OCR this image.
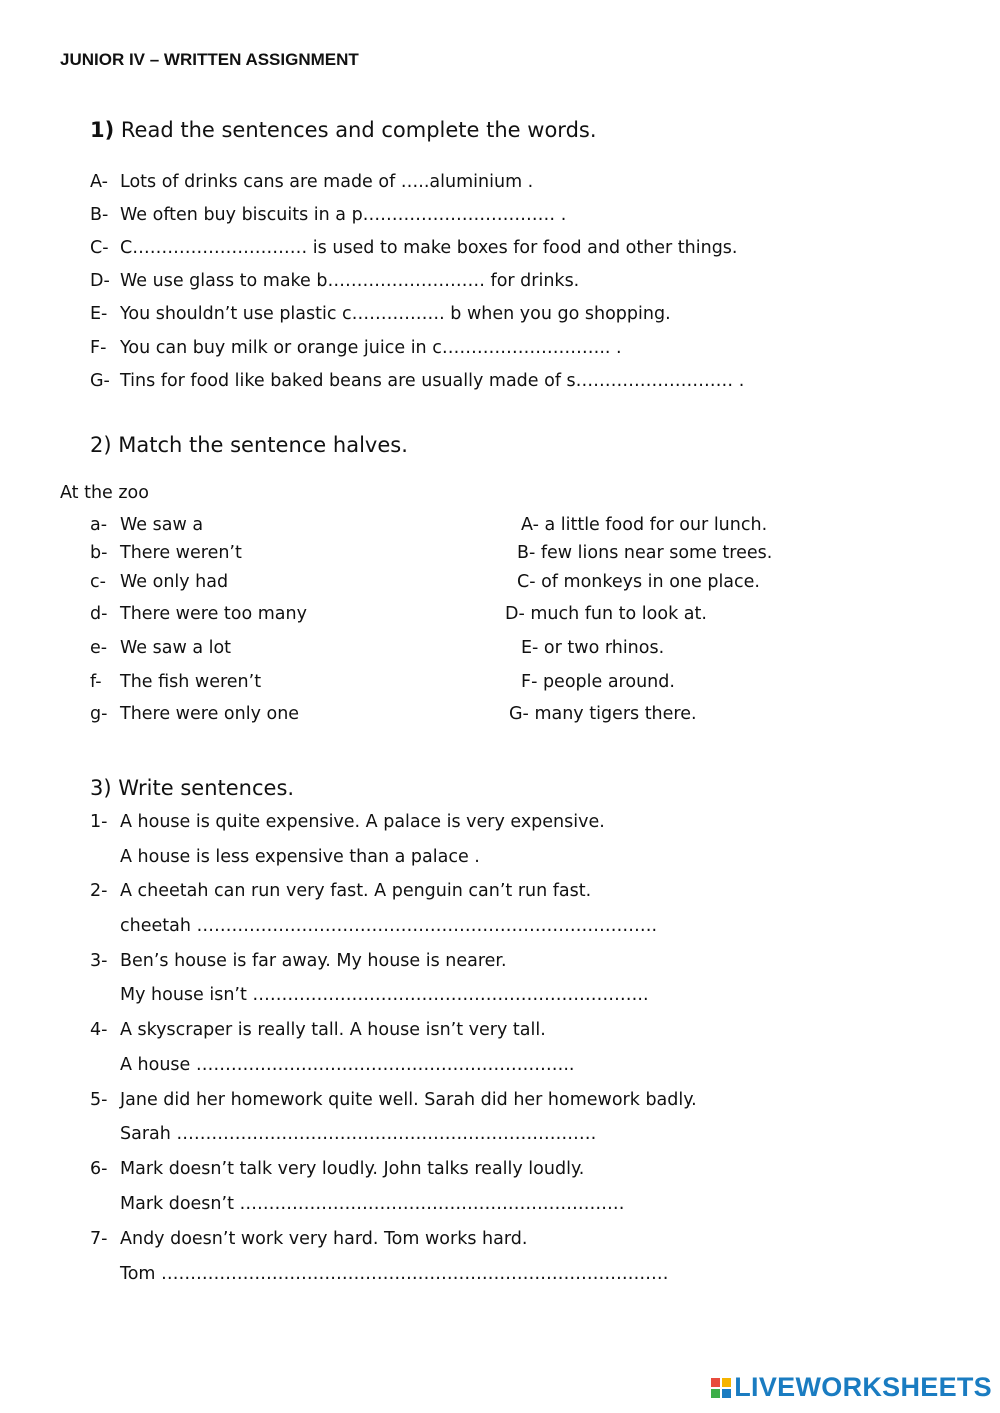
JUNIOR IV – WRITTEN ASSIGNMENT
1) Read the sentences and complete the words.
A- Lots of drinks cans are made of …..aluminium .
B- We often buy biscuits in a p…………………………… .
C- C………………………… is used to make boxes for food and other things.
D- We use glass to make b……………………… for drinks.
E- You shouldn’t use plastic c……………. b when you go shopping.
F- You can buy milk or orange juice in c……………………….. .
G- Tins for food like baked beans are usually made of s……………………… .
2) Match the sentence halves.
At the zoo
a- We saw a
b- There weren’t
c- We only had
d- There were too many
e- We saw a lot
f- The fish weren’t
g- There were only one
A- a little food for our lunch.
B- few lions near some trees.
C- of monkeys in one place.
D- much fun to look at.
E- or two rhinos.
F- people around.
G- many tigers there.
3) Write sentences.
1- A house is quite expensive. A palace is very expensive.
A house is less expensive than a palace .
2- A cheetah can run very fast. A penguin can’t run fast.
cheetah …………………………………………………………………….
3- Ben’s house is far away. My house is nearer.
My house isn’t …………………………………………………………..
4- A skyscraper is really tall. A house isn’t very tall.
A house ………………………………………………………..
5- Jane did her homework quite well. Sarah did her homework badly.
Sarah ………………………………………………………………
6- Mark doesn’t talk very loudly. John talks really loudly.
Mark doesn’t …………………………………………………………
7- Andy doesn’t work very hard. Tom works hard.
Tom ……………………………………………………………………………
LIVEWORKSHEETS
